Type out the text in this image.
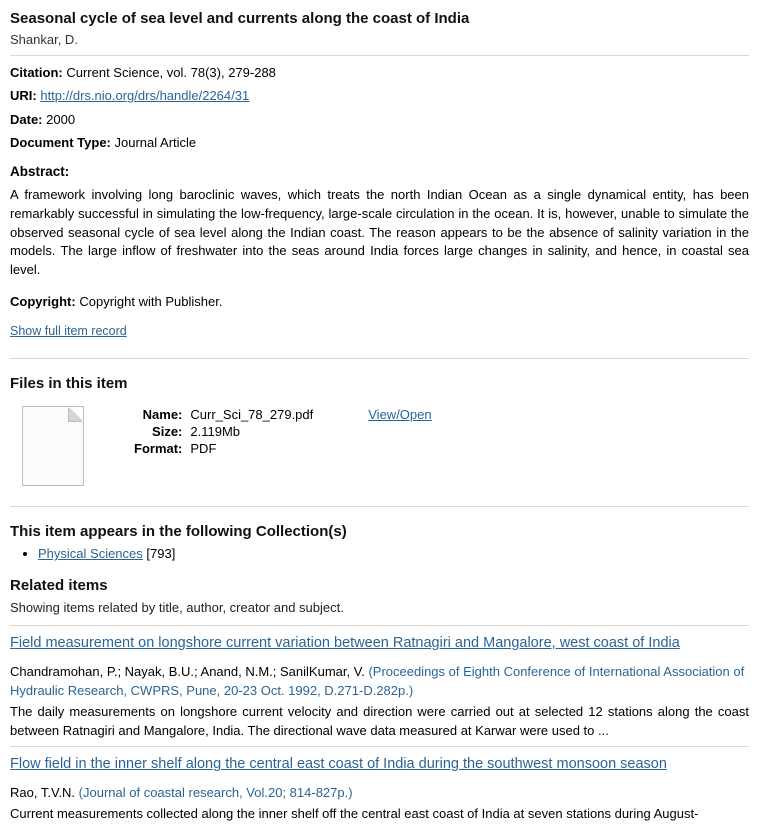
Seasonal cycle of sea level and currents along the coast of India
Shankar, D.
Citation: Current Science, vol. 78(3), 279-288
URI: http://drs.nio.org/drs/handle/2264/31
Date: 2000
Document Type: Journal Article
Abstract:
A framework involving long baroclinic waves, which treats the north Indian Ocean as a single dynamical entity, has been remarkably successful in simulating the low-frequency, large-scale circulation in the ocean. It is, however, unable to simulate the observed seasonal cycle of sea level along the Indian coast. The reason appears to be the absence of salinity variation in the models. The large inflow of freshwater into the seas around India forces large changes in salinity, and hence, in coastal sea level.
Copyright: Copyright with Publisher.
Show full item record
Files in this item
Name:	Curr_Sci_78_279.pdf
Size:	2.119Mb
Format:	PDF
View/Open
This item appears in the following Collection(s)
• Physical Sciences [793]
Related items
Showing items related by title, author, creator and subject.
Field measurement on longshore current variation between Ratnagiri and Mangalore, west coast of India
Chandramohan, P.; Nayak, B.U.; Anand, N.M.; SanilKumar, V. (Proceedings of Eighth Conference of International Association of Hydraulic Research, CWPRS, Pune, 20-23 Oct. 1992, D.271-D.282p.)
The daily measurements on longshore current velocity and direction were carried out at selected 12 stations along the coast between Ratnagiri and Mangalore, India. The directional wave data measured at Karwar were used to ...
Flow field in the inner shelf along the central east coast of India during the southwest monsoon season
Rao, T.V.N. (Journal of coastal research, Vol.20; 814-827p.)
Current measurements collected along the inner shelf off the central east coast of India at seven stations during August-
